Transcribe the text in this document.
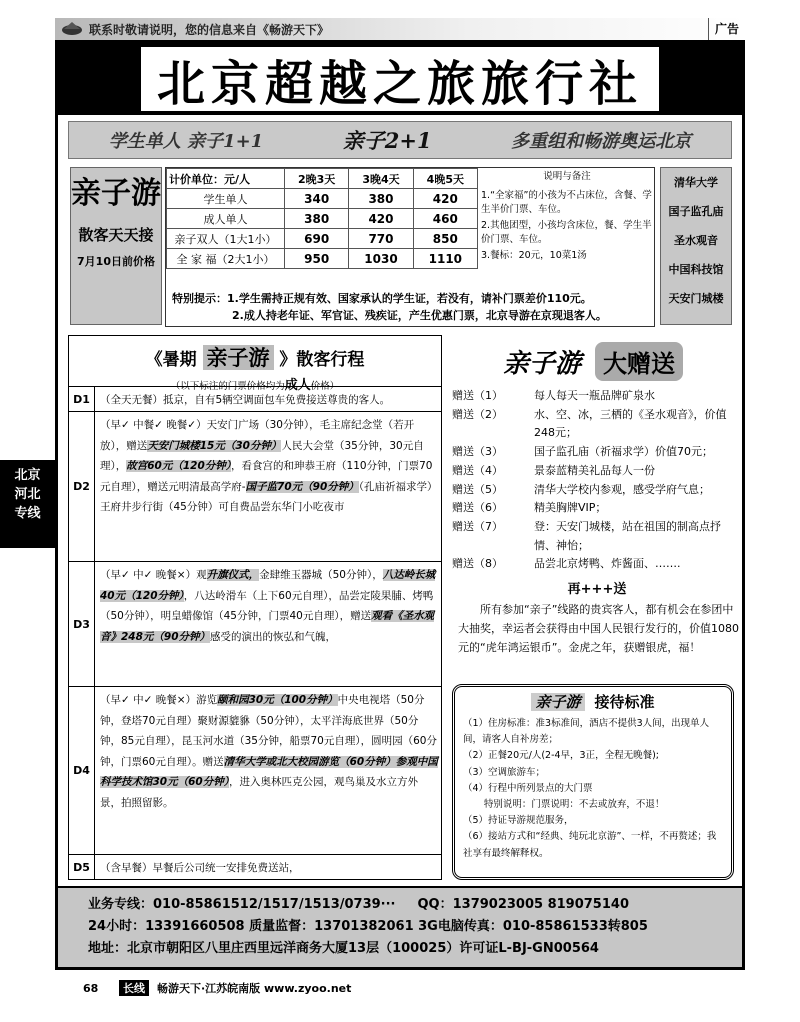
联系时敬请说明，您的信息来自《畅游天下》	广告
北京超越之旅旅行社
学生单人 亲子1+1	亲子2+1	多重组和畅游奥运北京
亲子游
散客天天接
7月10日前价格
计价单位：元/人	2晚3天	3晚4天	4晚5天
学生单人	340	380	420
成人单人	380	420	460
亲子双人（1大1小）	690	770	850
全 家 福（2大1小）	950	1030	1110
说明与备注

1.“全家福”的小孩为不占床位，含餐、学生半价门票、车位。

2.其他团型，小孩均含床位，餐、学生半价门票、车位。

3.餐标：20元，10菜1汤

特别提示：1.学生需持正规有效、国家承认的学生证，若没有，请补门票差价110元。
2.成人持老年证、军官证、残疾证，产生优惠门票，北京导游在京现退客人。
清华大学
国子监孔庙
圣水观音
中国科技馆
天安门城楼
北京
河北
专线
《暑期 亲子游 》散客行程
（以下标注的门票价格均为成人价格）
D1 （全天无餐）抵京，自有5辆空调面包车免费接送尊贵的客人。
D2
（早✓ 中餐✓ 晚餐✓）天安门广场（30分钟），毛主席纪念堂（若开放），赠送天安门城楼15元（30分钟）人民大会堂（35分钟，30元自理），故宫60元（120分钟），看食宫的和珅恭王府（110分钟，门票70元自理），赠送元明清最高学府-国子监70元（90分钟）（孔庙祈福求学）王府井步行街（45分钟）可自费品尝东华门小吃夜市
D3
（早✓ 中✓ 晚餐×）观升旗仪式，金肆维玉器城（50分钟），八达岭长城40元（120分钟），八达岭滑车（上下60元自理），品尝定陵果脯、烤鸭（50分钟），明皇蜡像馆（45分钟，门票40元自理），赠送观看《圣水观音》248元（90分钟）感受的演出的恢弘和气魄，
D4
（早✓ 中✓ 晚餐×）游览颐和园30元（100分钟）中央电视塔（50分钟，登塔70元自理）聚财源貔貅（50分钟），太平洋海底世界（50分钟，85元自理），昆玉河水道（35分钟，船票70元自理），圆明园（60分钟，门票60元自理）。赠送清华大学或北大校园游览（60分钟）参观中国科学技术馆30元（60分钟），进入奥林匹克公园，观鸟巢及水立方外景，拍照留影。
D5 （含早餐）早餐后公司统一安排免费送站，
亲子游 大赠送
赠送（1）	每人每天一瓶品牌矿泉水
赠送（2）	水、空、冰，三栖的《圣水观音》，价值248元；
赠送（3）	国子监孔庙（祈福求学）价值70元；
赠送（4）	景泰蓝精美礼品每人一份
赠送（5）	清华大学校内参观，感受学府气息；
赠送（6）	精美胸牌VIP；
赠送（7）	登：天安门城楼，站在祖国的制高点抒情、神怡；
赠送（8）	品尝北京烤鸭、炸酱面、…….
再+++送
所有参加“亲子”线路的贵宾客人，都有机会在参团中大抽奖，幸运者会获得由中国人民银行发行的，价值1080元的“虎年鸿运银币”。金虎之年，获赠银虎，福！
亲子游 接待标准
（1）住房标准：准3标准间，酒店不提供3人间，出现单人间，请客人自补房差；
（2）正餐20元/人(2-4早，3正，全程无晚餐);
（3）空调旅游车；
（4）行程中所列景点的大门票
特别说明：门票说明：不去或放弃，不退！
（5）持证导游规范服务，
（6）接站方式和“经典、纯玩北京游”、一样，不再赘述；我社享有最终解释权。
业务专线：010-85861512/1517/1513/0739··· QQ：1379023005 819075140
24小时：13391660508 质量监督：13701382061 3G电脑传真：010-85861533转805
地址：北京市朝阳区八里庄西里远洋商务大厦13层（100025）许可证L-BJ-GN00564
68	长线	畅游天下·江苏皖南版 www.zyoo.net
